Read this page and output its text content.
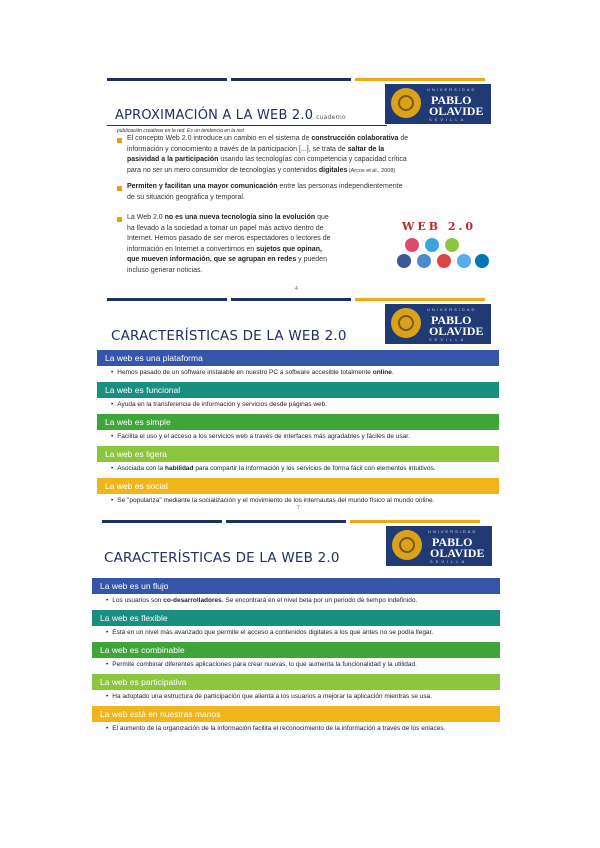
APROXIMACIÓN A LA WEB 2.0 cuaderno
UNIVERSIDAD
PABLO
OLAVIDE
SEVILLA
publicación creativas en la red. Es un tendencia en la red
El concepto Web 2.0 introduce un cambio en el sistema de construcción colaborativa de
información y conocimiento a través de la participación [...], se trata de saltar de la
pasividad a la participación usando las tecnologías con competencia y capacidad crítica
para no ser un mero consumidor de tecnologías y contenidos digitales (Arcos et al., 2008)
Permiten y facilitan una mayor comunicación entre las personas independientemente
de su situación geográfica y temporal.
La Web 2.0 no es una nueva tecnología sino la evolución que
ha llevado a la sociedad a tomar un papel más activo dentro de
Internet. Hemos pasado de ser meros espectadores o lectores de
información en Internet a convertirnos en sujetos que opinan,
que mueven información, que se agrupan en redes y pueden
incluso generar noticias.
WEB 2.0
4
CARACTERÍSTICAS DE LA WEB 2.0
UNIVERSIDAD
PABLO
OLAVIDE
SEVILLA
La web es una plataforma
• Hemos pasado de un software instalable en nuestro PC a software accesible totalmente online.
La web es funcional
• Ayuda en la transferencia de información y servicios desde páginas web.
La web es simple
• Facilita el uso y el acceso a los servicios web a través de interfaces más agradables y fáciles de usar.
La web es ligera
• Asociada con la habilidad para compartir la información y los servicios de forma fácil con elementos intuitivos.
La web es social
• Se "populariza" mediante la socialización y el movimiento de los internautas del mundo físico al mundo online.
7
CARACTERÍSTICAS DE LA WEB 2.0
UNIVERSIDAD
PABLO
OLAVIDE
SEVILLA
La web es un flujo
• Los usuarios son co-desarrolladores. Se encontrará en el nivel beta por un periodo de tiempo indefinido.
La web es flexible
• Está en un nivel más avanzado que permite el acceso a contenidos digitales a los que antes no se podía llegar.
La web es combinable
• Permite combinar diferentes aplicaciones para crear nuevas, lo que aumenta la funcionalidad y la utilidad.
La web es participativa
• Ha adoptado una estructura de participación que alienta a los usuarios a mejorar la aplicación mientras se usa.
La web está en nuestras manos
• El aumento de la organización de la información facilita el reconocimiento de la información a través de los enlaces.
